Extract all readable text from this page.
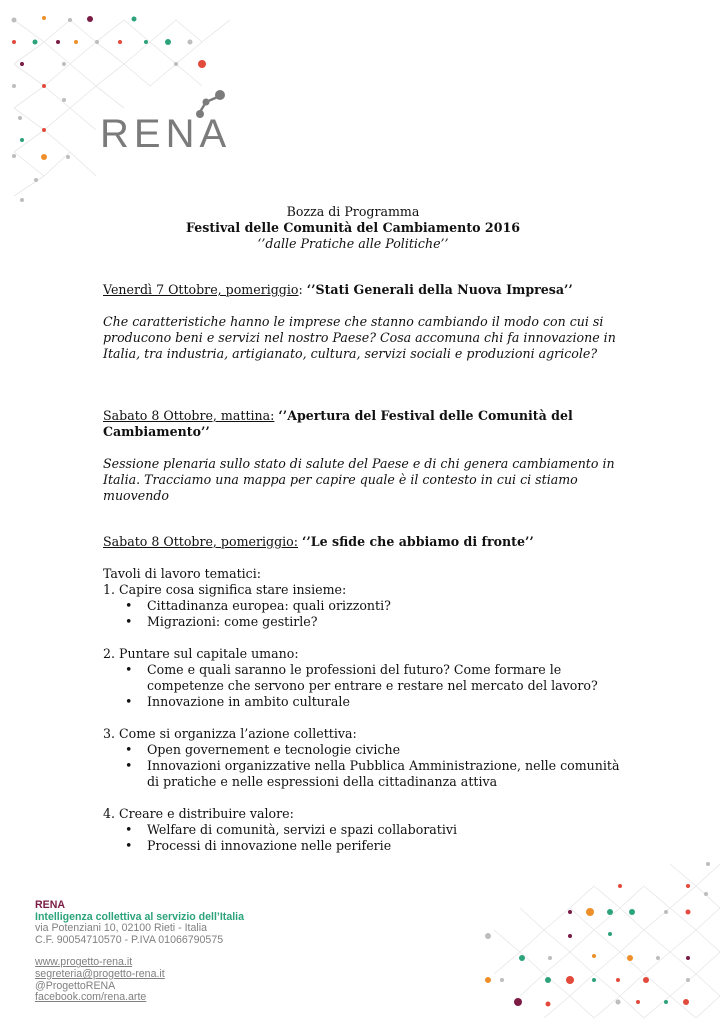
RENA
Bozza di Programma
Festival delle Comunità del Cambiamento 2016
‘’dalle Pratiche alle Politiche’’
Venerdì 7 Ottobre, pomeriggio: ‘’Stati Generali della Nuova Impresa’’
Che caratteristiche hanno le imprese che stanno cambiando il modo con cui si producono beni e servizi nel nostro Paese? Cosa accomuna chi fa innovazione in Italia, tra industria, artigianato, cultura, servizi sociali e produzioni agricole?
Sabato 8 Ottobre, mattina: ‘’Apertura del Festival delle Comunità del Cambiamento’’
Sessione plenaria sullo stato di salute del Paese e di chi genera cambiamento in Italia. Tracciamo una mappa per capire quale è il contesto in cui ci stiamo muovendo
Sabato 8 Ottobre, pomeriggio: ‘’Le sfide che abbiamo di fronte’’
Tavoli di lavoro tematici:
1. Capire cosa significa stare insieme:
• Cittadinanza europea: quali orizzonti?
• Migrazioni: come gestirle?
2. Puntare sul capitale umano:
• Come e quali saranno le professioni del futuro? Come formare le competenze che servono per entrare e restare nel mercato del lavoro?
• Innovazione in ambito culturale
3. Come si organizza l’azione collettiva:
• Open governement e tecnologie civiche
• Innovazioni organizzative nella Pubblica Amministrazione, nelle comunità di pratiche e nelle espressioni della cittadinanza attiva
4. Creare e distribuire valore:
• Welfare di comunità, servizi e spazi collaborativi
• Processi di innovazione nelle periferie
RENA
Intelligenza collettiva al servizio dell’Italia
via Potenziani 10, 02100 Rieti - Italia
C.F. 90054710570 - P.IVA 01066790575
www.progetto-rena.it
segreteria@progetto-rena.it
@ProgettoRENA
facebook.com/rena.arte
